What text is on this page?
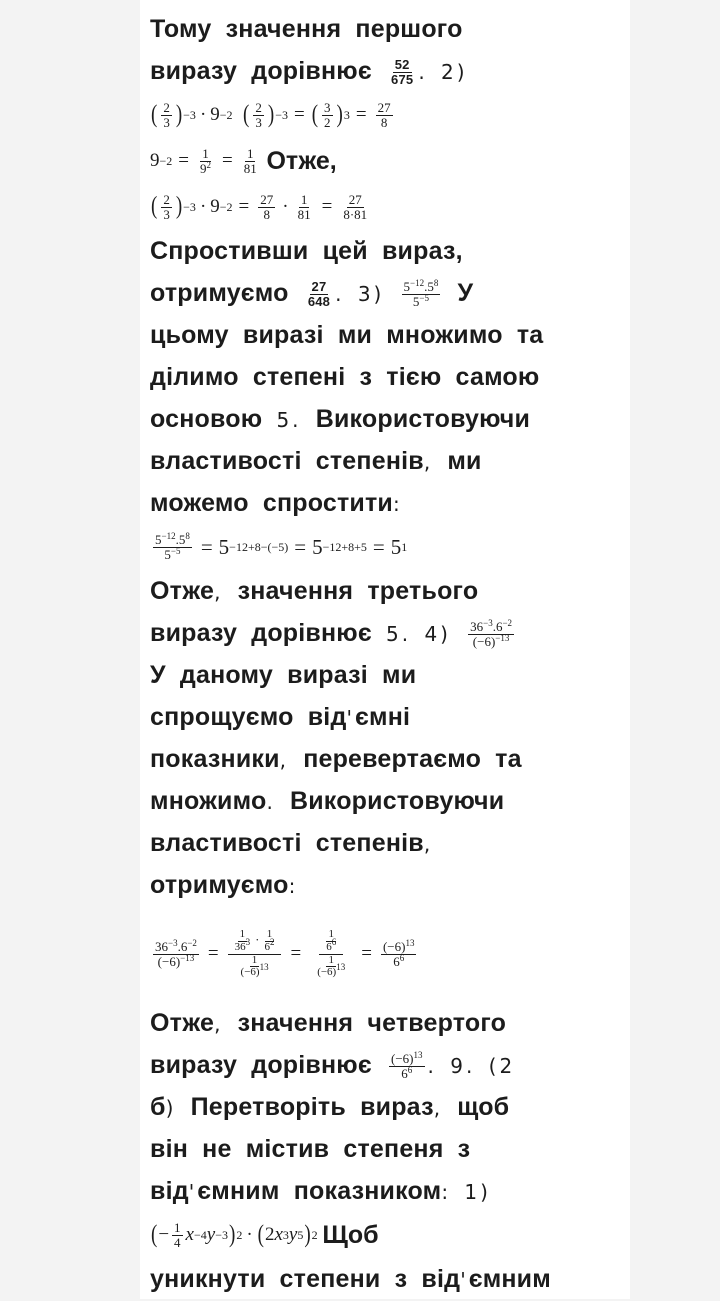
Тому значення першого
виразу дорівнює $\frac{52}{675}$ . 2)
( 2
3 ) −3 · 9 −2
( 2
3 ) −3 = ( 3
2 ) $3 = \frac{27}{8}$
$9 -2 = \frac{1}{9^2} = \frac{1}{81}$
Отже,
( 2
3 ) $-3 \cdot 9 -2 = \frac{27}{8} \cdot \frac{1}{81} = \frac{27}{8\cdot 81}$
Спростивши цей вираз,
отримуємо $\frac{27}{648}$ . $3) \frac{5^{-12}.5^8}{5^{-5}}$ У
цьому виразі ми множимо та
ділимо степені з тією самою
основою 5. Використовуючи
властивості степенів, ми
можемо спростити:
$\frac{5^{-12}.5^8}{5^{-5}} = 5 -12+8-(-5) = 5 -12+8+5 = 5$ 1
Отже, значення третього
виразу дорівнює 5. $4) \frac{36^{-3}.6^{-2}}{(-6)^{-13}}$
У даному виразі ми
спрощуємо від'ємні
показники, перевертаємо та
множимо. Використовуючи
властивості степенів,
отримуємо:
$\frac{36^{-3}.6^{-2}}{(-6)^{-13}} = \frac{\frac{1}{36^3} \cdot \frac{1}{6^2}}{\frac{1}{(-6)^{13}}} = \frac{\frac{1}{6^6}}{\frac{1}{(-6)^{13}}} = \frac{(-6)^{13}}{6^6}$
Отже, значення четвертого
виразу дорівнює $\frac{(-6)^{13}}{6^6}$ . 9. (2
б) Перетворіть вираз, щоб
він не містив степеня з
від'ємним показником: 1)
( − $\frac{1}{4}$ x −4 y −3 ) 2 · ( 2 x 3 y 5 ) 2
Щоб
уникнути степени з від'ємним
